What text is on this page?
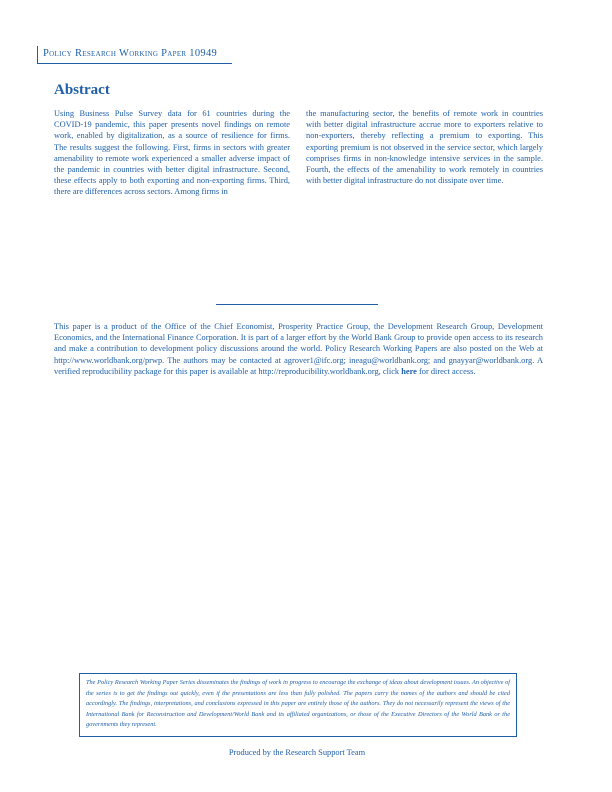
Policy Research Working Paper 10949
Abstract

Using Business Pulse Survey data for 61 countries during the COVID-19 pandemic, this paper presents novel findings on remote work, enabled by digitalization, as a source of resilience for firms. The results suggest the following. First, firms in sectors with greater amenability to remote work experienced a smaller adverse impact of the pandemic in countries with better digital infrastructure. Second, these effects apply to both exporting and non-exporting firms. Third, there are differences across sectors. Among firms in

the manufacturing sector, the benefits of remote work in countries with better digital infrastructure accrue more to exporters relative to non-exporters, thereby reflecting a premium to exporting. This exporting premium is not observed in the service sector, which largely comprises firms in non-knowledge intensive services in the sample. Fourth, the effects of the amenability to work remotely in countries with better digital infrastructure do not dissipate over time.

This paper is a product of the Office of the Chief Economist, Prosperity Practice Group, the Development Research Group, Development Economics, and the International Finance Corporation. It is part of a larger effort by the World Bank Group to provide open access to its research and make a contribution to development policy discussions around the world. Policy Research Working Papers are also posted on the Web at http://www.worldbank.org/prwp. The authors may be contacted at agrover1@ifc.org; ineagu@worldbank.org; and gnayyar@worldbank.org. A verified reproducibility package for this paper is available at http://reproducibility.worldbank.org, click here for direct access.

The Policy Research Working Paper Series disseminates the findings of work in progress to encourage the exchange of ideas about development issues. An objective of the series is to get the findings out quickly, even if the presentations are less than fully polished. The papers carry the names of the authors and should be cited accordingly. The findings, interpretations, and conclusions expressed in this paper are entirely those of the authors. They do not necessarily represent the views of the International Bank for Reconstruction and Development/World Bank and its affiliated organizations, or those of the Executive Directors of the World Bank or the governments they represent.

Produced by the Research Support Team
